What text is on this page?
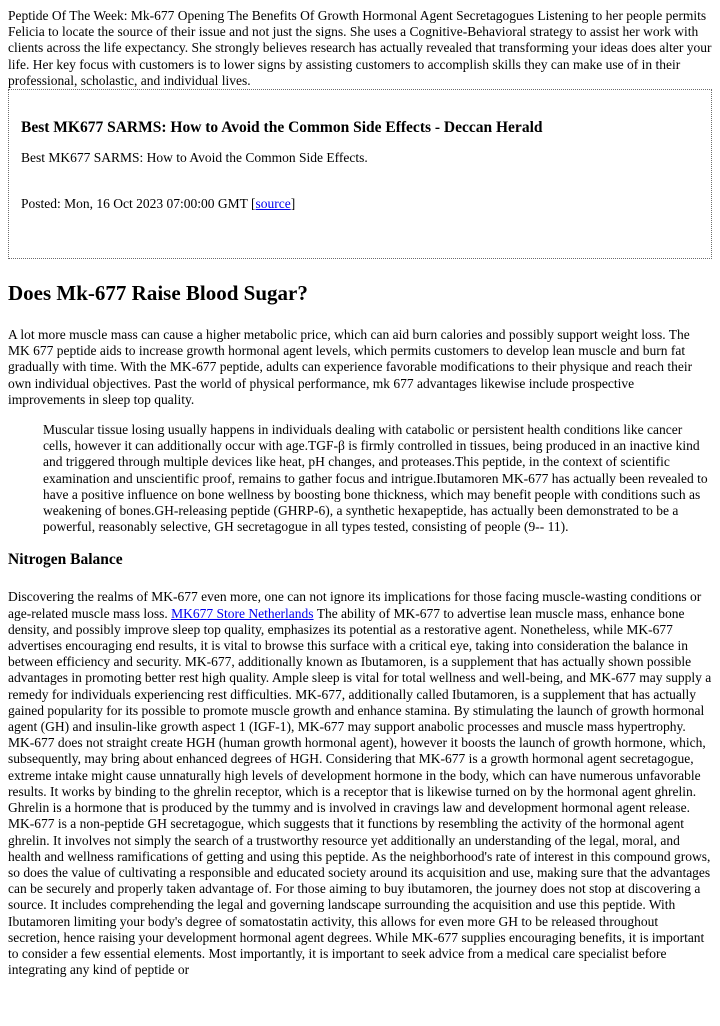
Peptide Of The Week: Mk-677 Opening The Benefits Of Growth Hormonal Agent Secretagogues Listening to her people permits Felicia to locate the source of their issue and not just the signs. She uses a Cognitive-Behavioral strategy to assist her work with clients across the life expectancy. She strongly believes research has actually revealed that transforming your ideas does alter your life. Her key focus with customers is to lower signs by assisting customers to accomplish skills they can make use of in their professional, scholastic, and individual lives.

Best MK677 SARMS: How to Avoid the Common Side Effects - Deccan Herald

Best MK677 SARMS: How to Avoid the Common Side Effects.

Posted: Mon, 16 Oct 2023 07:00:00 GMT [source]

Does Mk-677 Raise Blood Sugar?

A lot more muscle mass can cause a higher metabolic price, which can aid burn calories and possibly support weight loss. The MK 677 peptide aids to increase growth hormonal agent levels, which permits customers to develop lean muscle and burn fat gradually with time. With the MK-677 peptide, adults can experience favorable modifications to their physique and reach their own individual objectives. Past the world of physical performance, mk 677 advantages likewise include prospective improvements in sleep top quality.

Muscular tissue losing usually happens in individuals dealing with catabolic or persistent health conditions like cancer cells, however it can additionally occur with age.TGF-β is firmly controlled in tissues, being produced in an inactive kind and triggered through multiple devices like heat, pH changes, and proteases.This peptide, in the context of scientific examination and unscientific proof, remains to gather focus and intrigue.Ibutamoren MK-677 has actually been revealed to have a positive influence on bone wellness by boosting bone thickness, which may benefit people with conditions such as weakening of bones.GH-releasing peptide (GHRP-6), a synthetic hexapeptide, has actually been demonstrated to be a powerful, reasonably selective, GH secretagogue in all types tested, consisting of people (9-- 11).
Nitrogen Balance

Discovering the realms of MK-677 even more, one can not ignore its implications for those facing muscle-wasting conditions or age-related muscle mass loss. MK677 Store Netherlands The ability of MK-677 to advertise lean muscle mass, enhance bone density, and possibly improve sleep top quality, emphasizes its potential as a restorative agent. Nonetheless, while MK-677 advertises encouraging end results, it is vital to browse this surface with a critical eye, taking into consideration the balance in between efficiency and security. MK-677, additionally known as Ibutamoren, is a supplement that has actually shown possible advantages in promoting better rest high quality. Ample sleep is vital for total wellness and well-being, and MK-677 may supply a remedy for individuals experiencing rest difficulties. MK-677, additionally called Ibutamoren, is a supplement that has actually gained popularity for its possible to promote muscle growth and enhance stamina. By stimulating the launch of growth hormonal agent (GH) and insulin-like growth aspect 1 (IGF-1), MK-677 may support anabolic processes and muscle mass hypertrophy. MK-677 does not straight create HGH (human growth hormonal agent), however it boosts the launch of growth hormone, which, subsequently, may bring about enhanced degrees of HGH. Considering that MK-677 is a growth hormonal agent secretagogue, extreme intake might cause unnaturally high levels of development hormone in the body, which can have numerous unfavorable results. It works by binding to the ghrelin receptor, which is a receptor that is likewise turned on by the hormonal agent ghrelin. Ghrelin is a hormone that is produced by the tummy and is involved in cravings law and development hormonal agent release. MK-677 is a non-peptide GH secretagogue, which suggests that it functions by resembling the activity of the hormonal agent ghrelin. It involves not simply the search of a trustworthy resource yet additionally an understanding of the legal, moral, and health and wellness ramifications of getting and using this peptide. As the neighborhood's rate of interest in this compound grows, so does the value of cultivating a responsible and educated society around its acquisition and use, making sure that the advantages can be securely and properly taken advantage of. For those aiming to buy ibutamoren, the journey does not stop at discovering a source. It includes comprehending the legal and governing landscape surrounding the acquisition and use this peptide. With Ibutamoren limiting your body's degree of somatostatin activity, this allows for even more GH to be released throughout secretion, hence raising your development hormonal agent degrees. While MK-677 supplies encouraging benefits, it is important to consider a few essential elements. Most importantly, it is important to seek advice from a medical care specialist before integrating any kind of peptide or
